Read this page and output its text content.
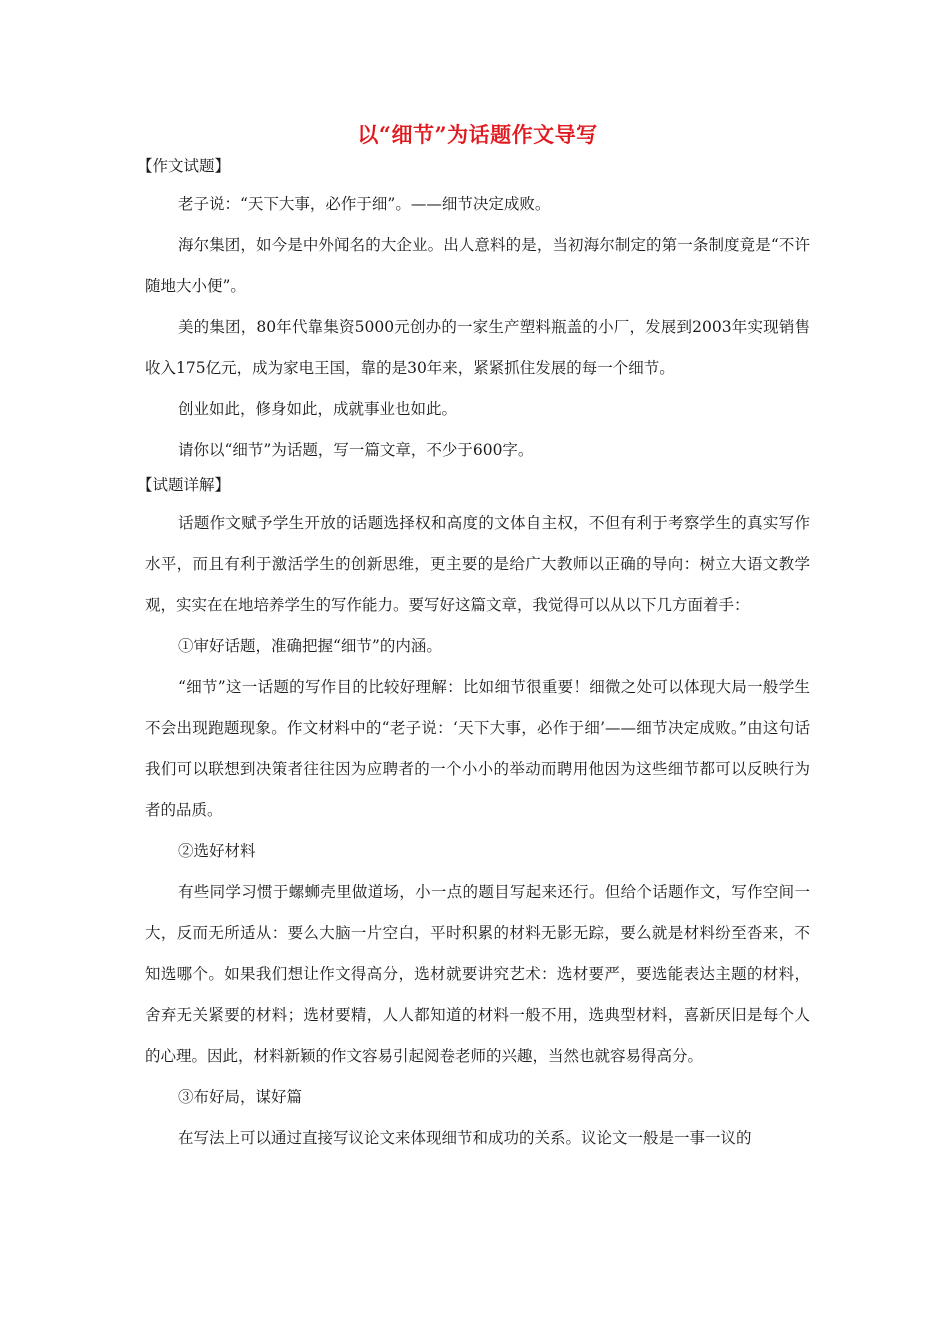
以“细节”为话题作文导写
【作文试题】

老子说：“天下大事，必作于细”。——细节决定成败。

海尔集团，如今是中外闻名的大企业。出人意料的是，当初海尔制定的第一条制度竟是“不许随地大小便”。

美的集团，80年代靠集资5000元创办的一家生产塑料瓶盖的小厂，发展到2003年实现销售收入175亿元，成为家电王国，靠的是30年来，紧紧抓住发展的每一个细节。

创业如此，修身如此，成就事业也如此。

请你以“细节”为话题，写一篇文章，不少于600字。

【试题详解】

话题作文赋予学生开放的话题选择权和高度的文体自主权，不但有利于考察学生的真实写作水平，而且有利于激活学生的创新思维，更主要的是给广大教师以正确的导向：树立大语文教学观，实实在在地培养学生的写作能力。要写好这篇文章，我觉得可以从以下几方面着手：

①审好话题，准确把握“细节”的内涵。

“细节”这一话题的写作目的比较好理解：比如细节很重要！细微之处可以体现大局一般学生不会出现跑题现象。作文材料中的“老子说：‘天下大事，必作于细’——细节决定成败。”由这句话我们可以联想到决策者往往因为应聘者的一个小小的举动而聘用他因为这些细节都可以反映行为者的品质。

②选好材料

有些同学习惯于螺蛳壳里做道场，小一点的题目写起来还行。但给个话题作文，写作空间一大，反而无所适从：要么大脑一片空白，平时积累的材料无影无踪，要么就是材料纷至沓来，不知选哪个。如果我们想让作文得高分，选材就要讲究艺术：选材要严，要选能表达主题的材料，舍弃无关紧要的材料；选材要精，人人都知道的材料一般不用，选典型材料，喜新厌旧是每个人的心理。因此，材料新颖的作文容易引起阅卷老师的兴趣，当然也就容易得高分。

③布好局，谋好篇

在写法上可以通过直接写议论文来体现细节和成功的关系。议论文一般是一事一议的
